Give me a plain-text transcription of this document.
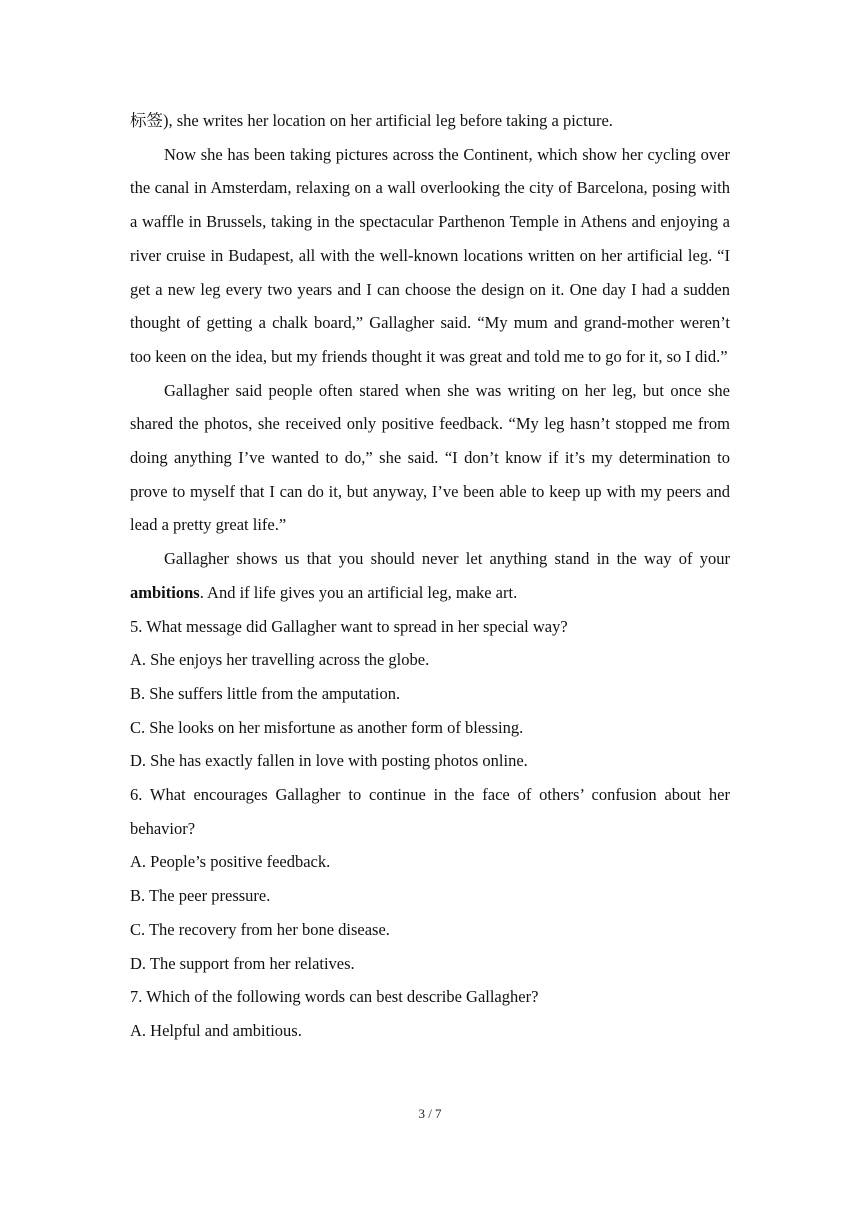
标签), she writes her location on her artificial leg before taking a picture.

Now she has been taking pictures across the Continent, which show her cycling over the canal in Amsterdam, relaxing on a wall overlooking the city of Barcelona, posing with a waffle in Brussels, taking in the spectacular Parthenon Temple in Athens and enjoying a river cruise in Budapest, all with the well-known locations written on her artificial leg. “I get a new leg every two years and I can choose the design on it. One day I had a sudden thought of getting a chalk board,” Gallagher said. “My mum and grand-mother weren’t too keen on the idea, but my friends thought it was great and told me to go for it, so I did.”

Gallagher said people often stared when she was writing on her leg, but once she shared the photos, she received only positive feedback. “My leg hasn’t stopped me from doing anything I’ve wanted to do,” she said. “I don’t know if it’s my determination to prove to myself that I can do it, but anyway, I’ve been able to keep up with my peers and lead a pretty great life.”

Gallagher shows us that you should never let anything stand in the way of your ambitions. And if life gives you an artificial leg, make art.

5. What message did Gallagher want to spread in her special way?

A. She enjoys her travelling across the globe.

B. She suffers little from the amputation.

C. She looks on her misfortune as another form of blessing.

D. She has exactly fallen in love with posting photos online.

6. What encourages Gallagher to continue in the face of others’ confusion about her behavior?

A. People’s positive feedback.

B. The peer pressure.

C. The recovery from her bone disease.

D. The support from her relatives.

7. Which of the following words can best describe Gallagher?

A. Helpful and ambitious.

3 / 7
